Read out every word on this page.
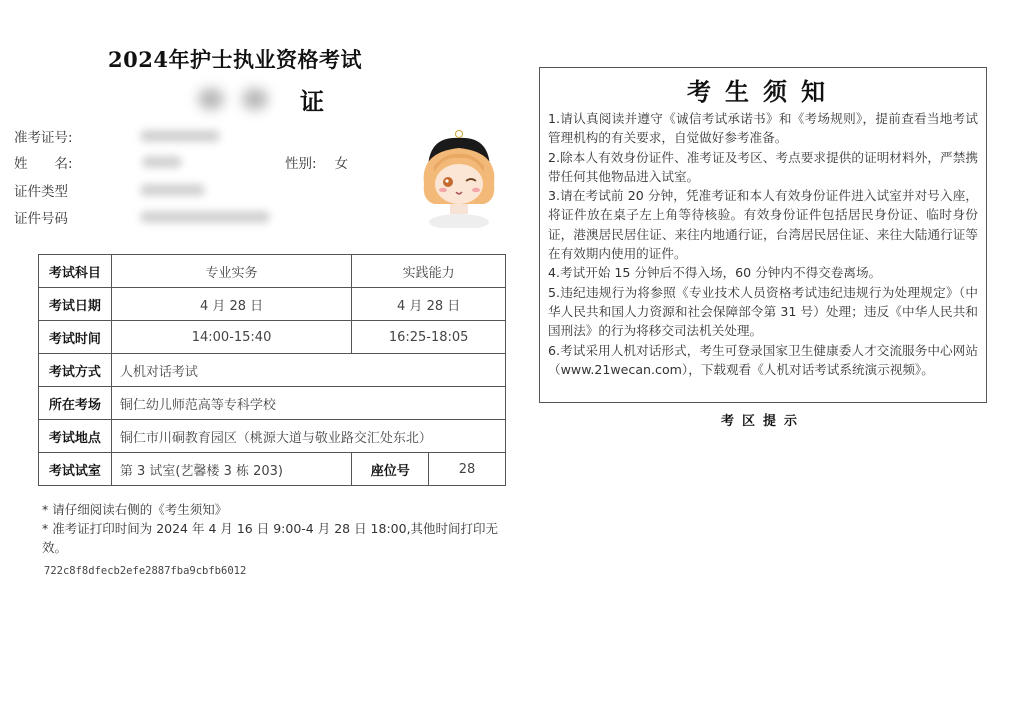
2024年护士执业资格考试
证
准考证号:
姓　　名:	性别: 女
证件类型
证件号码
考试科目	专业实务	实践能力	
考试日期	4 月 28 日	4 月 28 日	
考试时间	14:00-15:40	16:25-18:05	
考试方式	人机对话考试		
所在考场	铜仁幼儿师范高等专科学校		
考试地点	铜仁市川硐教育园区（桃源大道与敬业路交汇处东北）		
考试试室	第 3 试室(艺馨楼 3 栋 203)	座位号	28
* 请仔细阅读右侧的《考生须知》
* 准考证打印时间为 2024 年 4 月 16 日 9:00-4 月 28 日 18:00,其他时间打印无效。
722c8f8dfecb2efe2887fba9cbfb6012
考生须知
1.请认真阅读并遵守《诚信考试承诺书》和《考场规则》，提前查看当地考试管理机构的有关要求，自觉做好参考准备。
2.除本人有效身份证件、准考证及考区、考点要求提供的证明材料外，严禁携带任何其他物品进入试室。
3.请在考试前 20 分钟，凭准考证和本人有效身份证件进入试室并对号入座，将证件放在桌子左上角等待核验。有效身份证件包括居民身份证、临时身份证，港澳居民居住证、来往内地通行证，台湾居民居住证、来往大陆通行证等在有效期内使用的证件。
4.考试开始 15 分钟后不得入场，60 分钟内不得交卷离场。
5.违纪违规行为将参照《专业技术人员资格考试违纪违规行为处理规定》（中华人民共和国人力资源和社会保障部令第 31 号）处理；违反《中华人民共和国刑法》的行为将移交司法机关处理。
6.考试采用人机对话形式，考生可登录国家卫生健康委人才交流服务中心网站（www.21wecan.com），下载观看《人机对话考试系统演示视频》。
考区提示
